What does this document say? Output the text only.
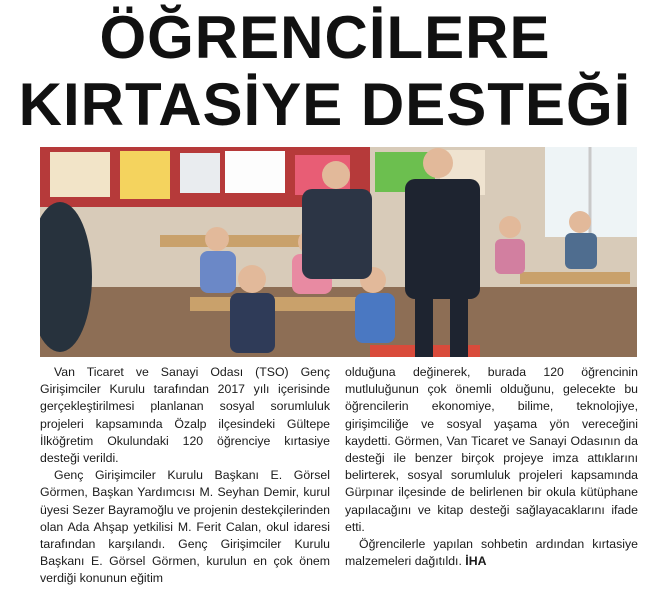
ÖĞRENCİLERE
KIRTASİYE DESTEĞİ

Van Ticaret ve Sanayi Odası (TSO) Genç Girişimciler Kurulu tarafından 2017 yılı içerisinde gerçekleştirilmesi planlanan sosyal sorumluluk projeleri kapsamında Özalp ilçesindeki Gültepe İlköğretim Okulundaki 120 öğrenciye kırtasiye desteği verildi.

Genç Girişimciler Kurulu Başkanı E. Görsel Görmen, Başkan Yardımcısı M. Seyhan Demir, kurul üyesi Sezer Bayramoğlu ve projenin destekçilerinden olan Ada Ahşap yetkilisi M. Ferit Calan, okul idaresi tarafından karşılandı. Genç Girişimciler Kurulu Başkanı E. Görsel Görmen, kurulun en çok önem verdiği konunun eğitim

olduğuna değinerek, burada 120 öğrencinin mutluluğunun çok önemli olduğunu, gelecekte bu öğrencilerin ekonomiye, bilime, teknolojiye, girişimciliğe ve sosyal yaşama yön vereceğini kaydetti. Görmen, Van Ticaret ve Sanayi Odasının da desteği ile benzer birçok projeye imza attıklarını belirterek, sosyal sorumluluk projeleri kapsamında Gürpınar ilçesinde de belirlenen bir okula kütüphane yapılacağını ve kitap desteği sağlayacaklarını ifade etti.

Öğrencilerle yapılan sohbetin ardından kırtasiye malzemeleri dağıtıldı. İHA
